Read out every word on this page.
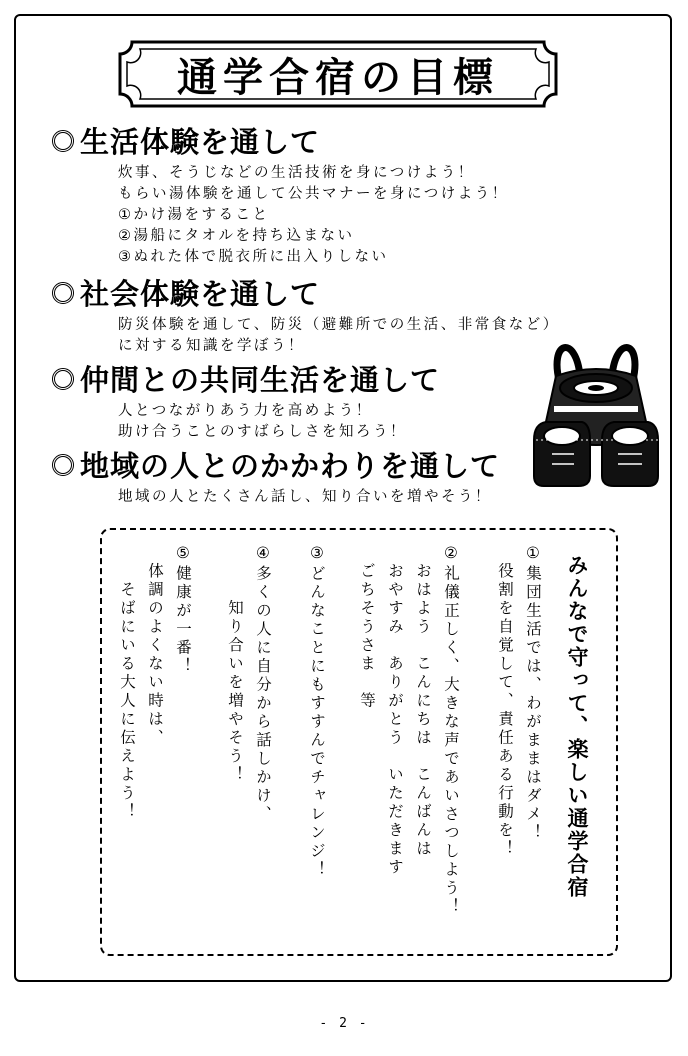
通学合宿の目標
生活体験を通して
炊事、そうじなどの生活技術を身につけよう！
もらい湯体験を通して公共マナーを身につけよう！
①かけ湯をすること
②湯船にタオルを持ち込まない
③ぬれた体で脱衣所に出入りしない
社会体験を通して
防災体験を通して、防災（避難所での生活、非常食など）
に対する知識を学ぼう！
仲間との共同生活を通して
人とつながりあう力を高めよう！
助け合うことのすばらしさを知ろう！
地域の人とのかかわりを通して
地域の人とたくさん話し、知り合いを増やそう！
みんなで守って、楽しい通学合宿
①集団生活では、わがままはダメ！
　役割を自覚して、責任ある行動を！
②礼儀正しく、大きな声であいさつしよう！
　おはよう　こんにちは　こんばんは
　おやすみ　ありがとう　いただきます
　ごちそうさま　等
③どんなことにもすすんでチャレンジ！
④多くの人に自分から話しかけ、
　　　知り合いを増やそう！
⑤健康が一番！
　体調のよくない時は、
　　そばにいる大人に伝えよう！
- 2 -
